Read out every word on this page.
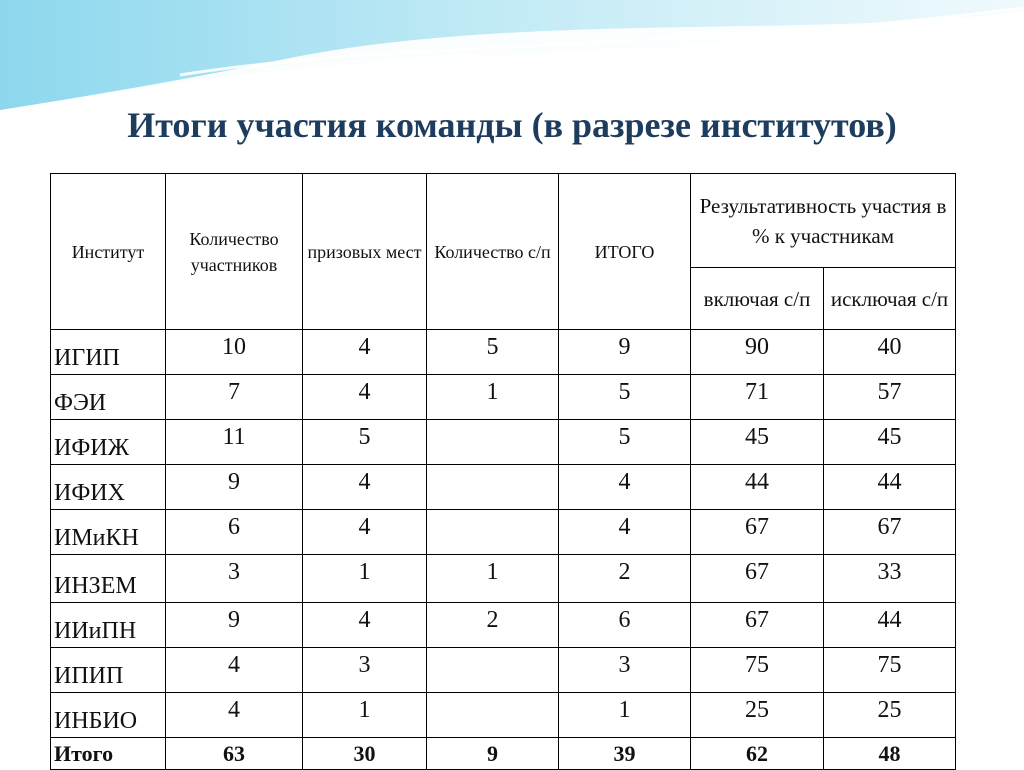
Итоги участия команды (в разрезе институтов)
Институт	Количество участников	призовых мест	Количество с/п	ИТОГО	Результативность участия в % к участникам	
					включая с/п	исключая с/п
ИГИП	10	4	5	9	90	40
ФЭИ	7	4	1	5	71	57
ИФИЖ	11	5		5	45	45
ИФИХ	9	4		4	44	44
ИМиКН	6	4		4	67	67
ИНЗЕМ	3	1	1	2	67	33
ИИиПН	9	4	2	6	67	44
ИПИП	4	3		3	75	75
ИНБИО	4	1		1	25	25
Итого	63	30	9	39	62	48
